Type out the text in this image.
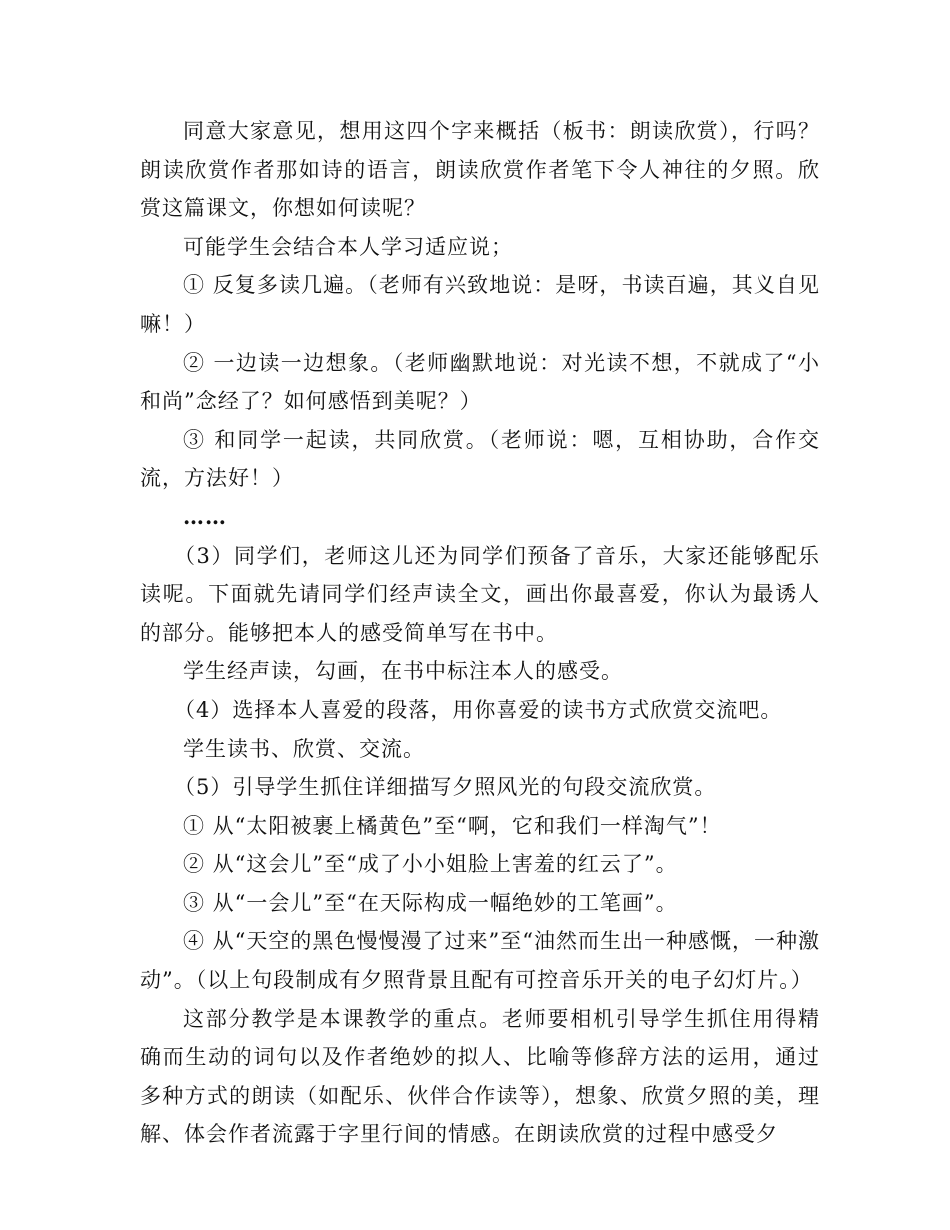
同意大家意见，想用这四个字来概括（板书：朗读欣赏），行吗？朗读欣赏作者那如诗的语言，朗读欣赏作者笔下令人神往的夕照。欣赏这篇课文，你想如何读呢？

可能学生会结合本人学习适应说；

① 反复多读几遍。（老师有兴致地说：是呀，书读百遍，其义自见嘛！）

② 一边读一边想象。（老师幽默地说：对光读不想，不就成了“小和尚”念经了？如何感悟到美呢？）

③ 和同学一起读，共同欣赏。（老师说：嗯，互相协助，合作交流，方法好！）

……

（3）同学们，老师这儿还为同学们预备了音乐，大家还能够配乐读呢。下面就先请同学们经声读全文，画出你最喜爱，你认为最诱人的部分。能够把本人的感受简单写在书中。

学生经声读，勾画，在书中标注本人的感受。

（4）选择本人喜爱的段落，用你喜爱的读书方式欣赏交流吧。

学生读书、欣赏、交流。

（5）引导学生抓住详细描写夕照风光的句段交流欣赏。

① 从“太阳被裹上橘黄色”至“啊，它和我们一样淘气”！

② 从“这会儿”至“成了小小姐脸上害羞的红云了”。

③ 从“一会儿”至“在天际构成一幅绝妙的工笔画”。

④ 从“天空的黑色慢慢漫了过来”至“油然而生出一种感慨，一种激动”。（以上句段制成有夕照背景且配有可控音乐开关的电子幻灯片。）

这部分教学是本课教学的重点。老师要相机引导学生抓住用得精确而生动的词句以及作者绝妙的拟人、比喻等修辞方法的运用，通过多种方式的朗读（如配乐、伙伴合作读等），想象、欣赏夕照的美，理解、体会作者流露于字里行间的情感。在朗读欣赏的过程中感受夕
